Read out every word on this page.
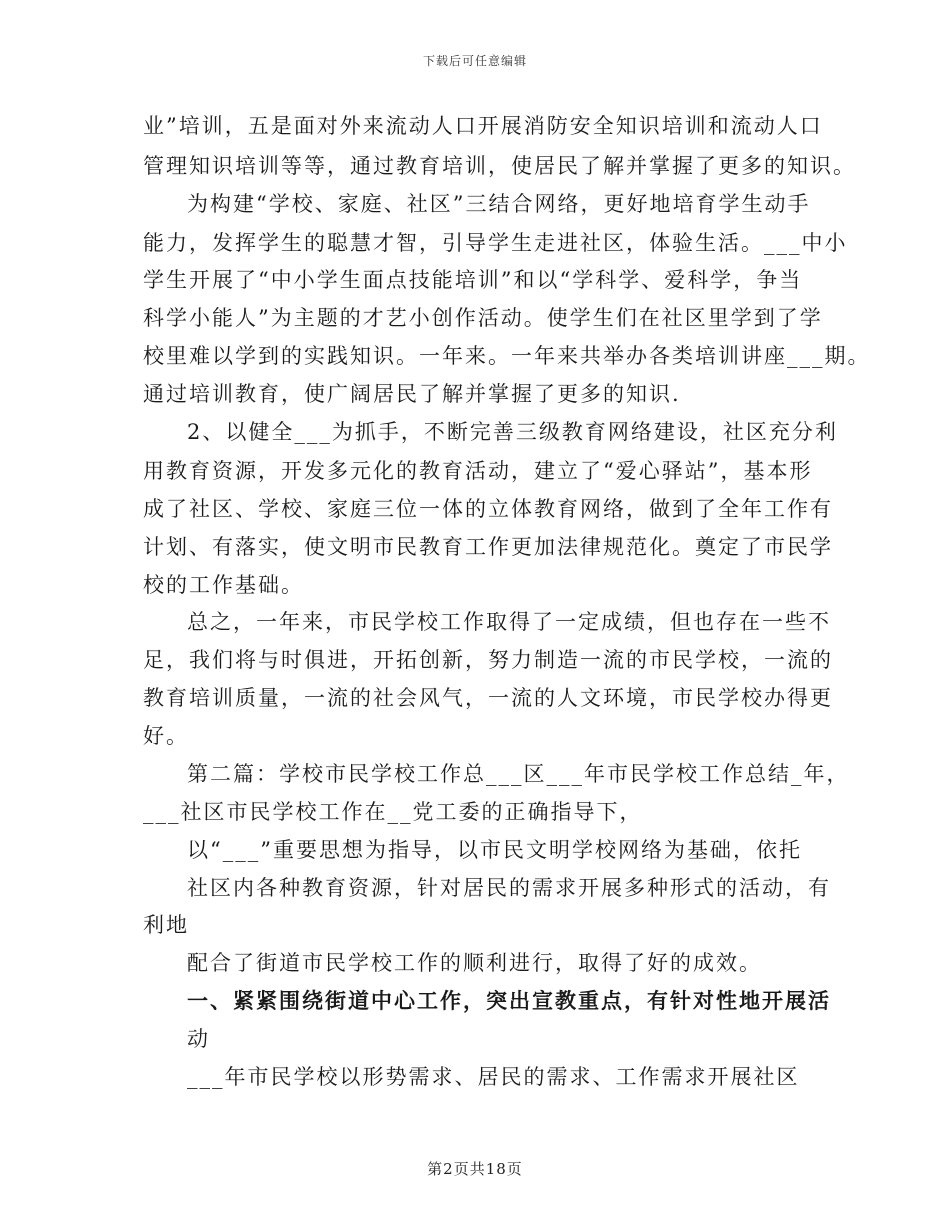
下载后可任意编辑
业”培训，五是面对外来流动人口开展消防安全知识培训和流动人口
管理知识培训等等，通过教育培训，使居民了解并掌握了更多的知识。
为构建“学校、家庭、社区”三结合网络，更好地培育学生动手
能力，发挥学生的聪慧才智，引导学生走进社区，体验生活。___中小
学生开展了“中小学生面点技能培训”和以“学科学、爱科学，争当
科学小能人”为主题的才艺小创作活动。使学生们在社区里学到了学
校里难以学到的实践知识。一年来。一年来共举办各类培训讲座___期。
通过培训教育，使广阔居民了解并掌握了更多的知识.
2、以健全___为抓手，不断完善三级教育网络建设，社区充分利
用教育资源，开发多元化的教育活动，建立了“爱心驿站”，基本形
成了社区、学校、家庭三位一体的立体教育网络，做到了全年工作有
计划、有落实，使文明市民教育工作更加法律规范化。奠定了市民学
校的工作基础。
总之，一年来，市民学校工作取得了一定成绩，但也存在一些不
足，我们将与时俱进，开拓创新，努力制造一流的市民学校，一流的
教育培训质量，一流的社会风气，一流的人文环境，市民学校办得更
好。
第二篇：学校市民学校工作总___区___年市民学校工作总结_年，
___社区市民学校工作在__党工委的正确指导下，
以“___”重要思想为指导，以市民文明学校网络为基础，依托
社区内各种教育资源，针对居民的需求开展多种形式的活动，有
利地
配合了街道市民学校工作的顺利进行，取得了好的成效。
一、紧紧围绕街道中心工作，突出宣教重点，有针对性地开展活
动
___年市民学校以形势需求、居民的需求、工作需求开展社区
第2页共18页
